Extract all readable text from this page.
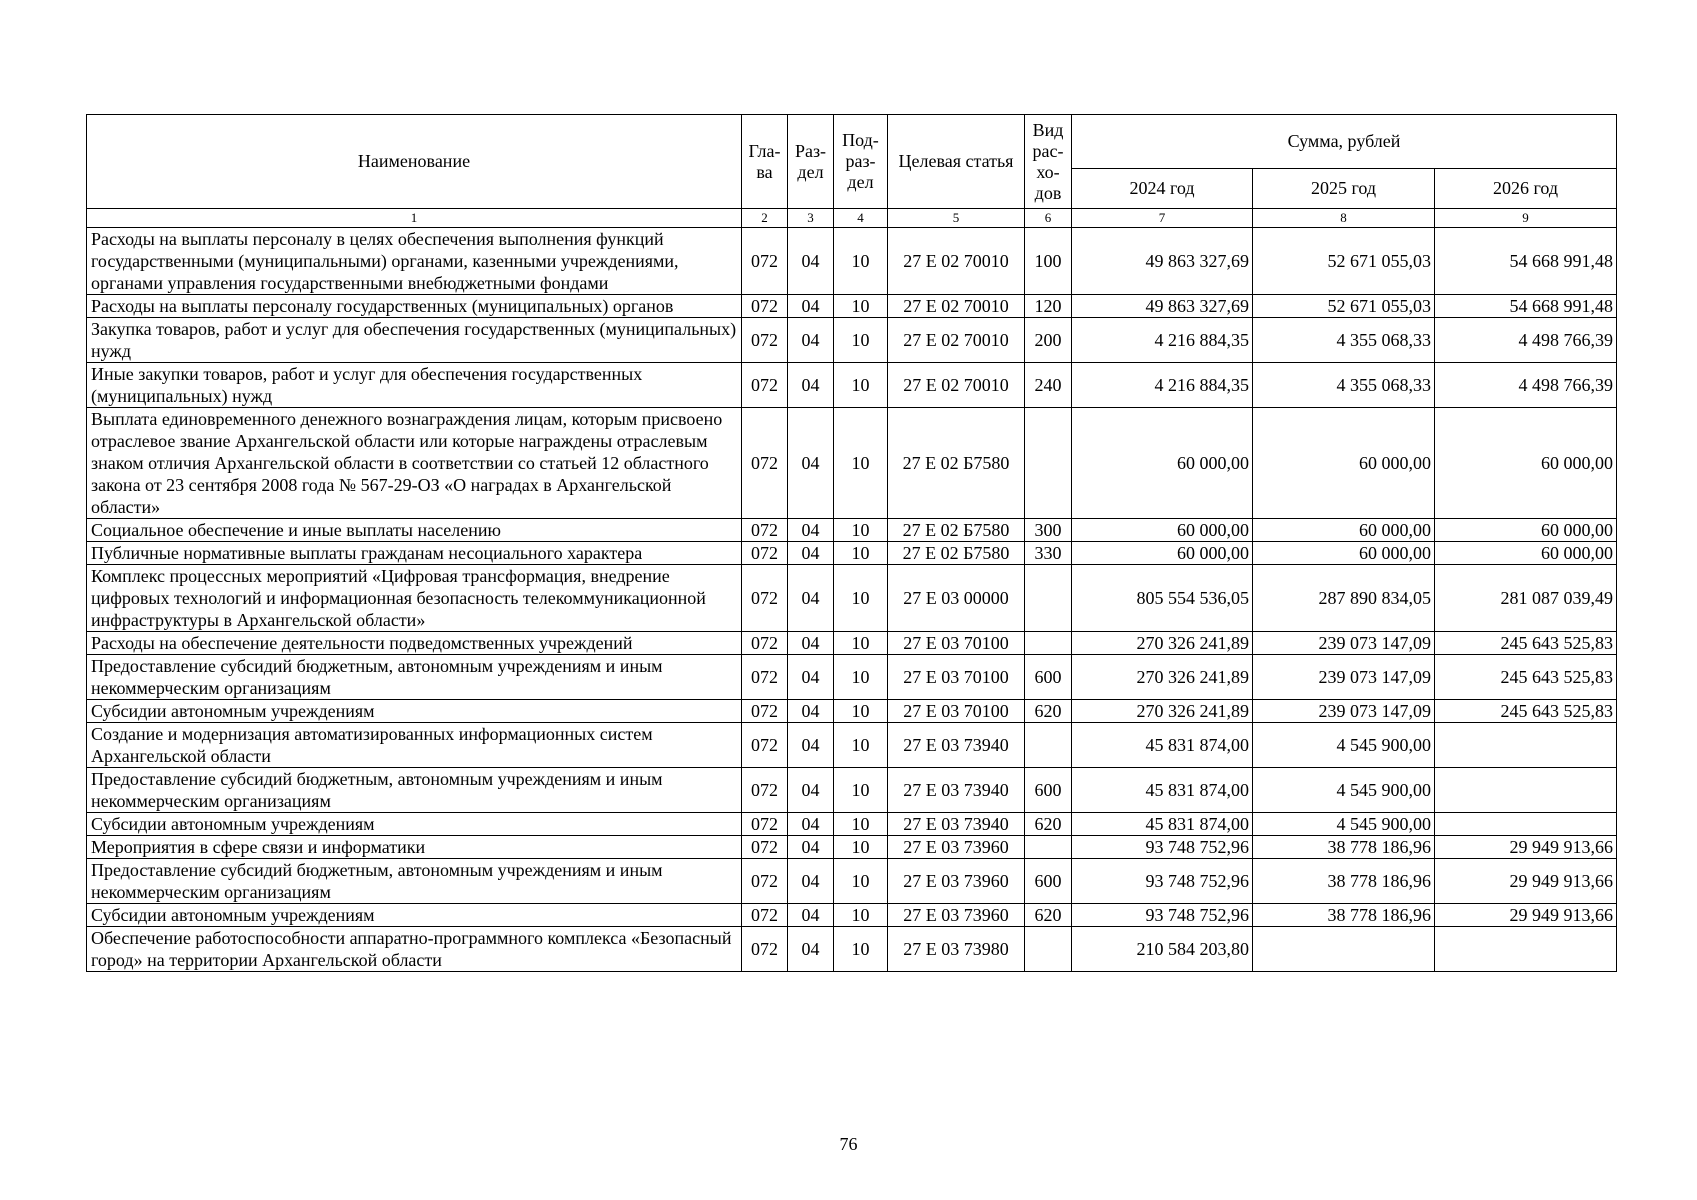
Наименование	Гла-ва	Раз-дел	Под-раз-дел	Целевая статья	Вид рас-хо-дов	Сумма, рублей		
						2024 год	2025 год	2026 год
1	2	3	4	5	6	7	8	9
Расходы на выплаты персоналу в целях обеспечения выполнения функций государственными (муниципальными) органами, казенными учреждениями, органами управления государственными внебюджетными фондами	072	04	10	27 Е 02 70010	100	49 863 327,69	52 671 055,03	54 668 991,48
Расходы на выплаты персоналу государственных (муниципальных) органов	072	04	10	27 Е 02 70010	120	49 863 327,69	52 671 055,03	54 668 991,48
Закупка товаров, работ и услуг для обеспечения государственных (муниципальных) нужд	072	04	10	27 Е 02 70010	200	4 216 884,35	4 355 068,33	4 498 766,39
Иные закупки товаров, работ и услуг для обеспечения государственных (муниципальных) нужд	072	04	10	27 Е 02 70010	240	4 216 884,35	4 355 068,33	4 498 766,39
Выплата единовременного денежного вознаграждения лицам, которым присвоено отраслевое звание Архангельской области или которые награждены отраслевым знаком отличия Архангельской области в соответствии со статьей 12 областного закона от 23 сентября 2008 года № 567-29-ОЗ «О наградах в Архангельской области»	072	04	10	27 Е 02 Б7580		60 000,00	60 000,00	60 000,00
Социальное обеспечение и иные выплаты населению	072	04	10	27 Е 02 Б7580	300	60 000,00	60 000,00	60 000,00
Публичные нормативные выплаты гражданам несоциального характера	072	04	10	27 Е 02 Б7580	330	60 000,00	60 000,00	60 000,00
Комплекс процессных мероприятий «Цифровая трансформация, внедрение цифровых технологий и информационная безопасность телекоммуникационной инфраструктуры в Архангельской области»	072	04	10	27 Е 03 00000		805 554 536,05	287 890 834,05	281 087 039,49
Расходы на обеспечение деятельности подведомственных учреждений	072	04	10	27 Е 03 70100		270 326 241,89	239 073 147,09	245 643 525,83
Предоставление субсидий бюджетным, автономным учреждениям и иным некоммерческим организациям	072	04	10	27 Е 03 70100	600	270 326 241,89	239 073 147,09	245 643 525,83
Субсидии автономным учреждениям	072	04	10	27 Е 03 70100	620	270 326 241,89	239 073 147,09	245 643 525,83
Создание и модернизация автоматизированных информационных систем Архангельской области	072	04	10	27 Е 03 73940		45 831 874,00	4 545 900,00	
Предоставление субсидий бюджетным, автономным учреждениям и иным некоммерческим организациям	072	04	10	27 Е 03 73940	600	45 831 874,00	4 545 900,00	
Субсидии автономным учреждениям	072	04	10	27 Е 03 73940	620	45 831 874,00	4 545 900,00	
Мероприятия в сфере связи и информатики	072	04	10	27 Е 03 73960		93 748 752,96	38 778 186,96	29 949 913,66
Предоставление субсидий бюджетным, автономным учреждениям и иным некоммерческим организациям	072	04	10	27 Е 03 73960	600	93 748 752,96	38 778 186,96	29 949 913,66
Субсидии автономным учреждениям	072	04	10	27 Е 03 73960	620	93 748 752,96	38 778 186,96	29 949 913,66
Обеспечение работоспособности аппаратно-программного комплекса «Безопасный город» на территории Архангельской области	072	04	10	27 Е 03 73980		210 584 203,80		
76
